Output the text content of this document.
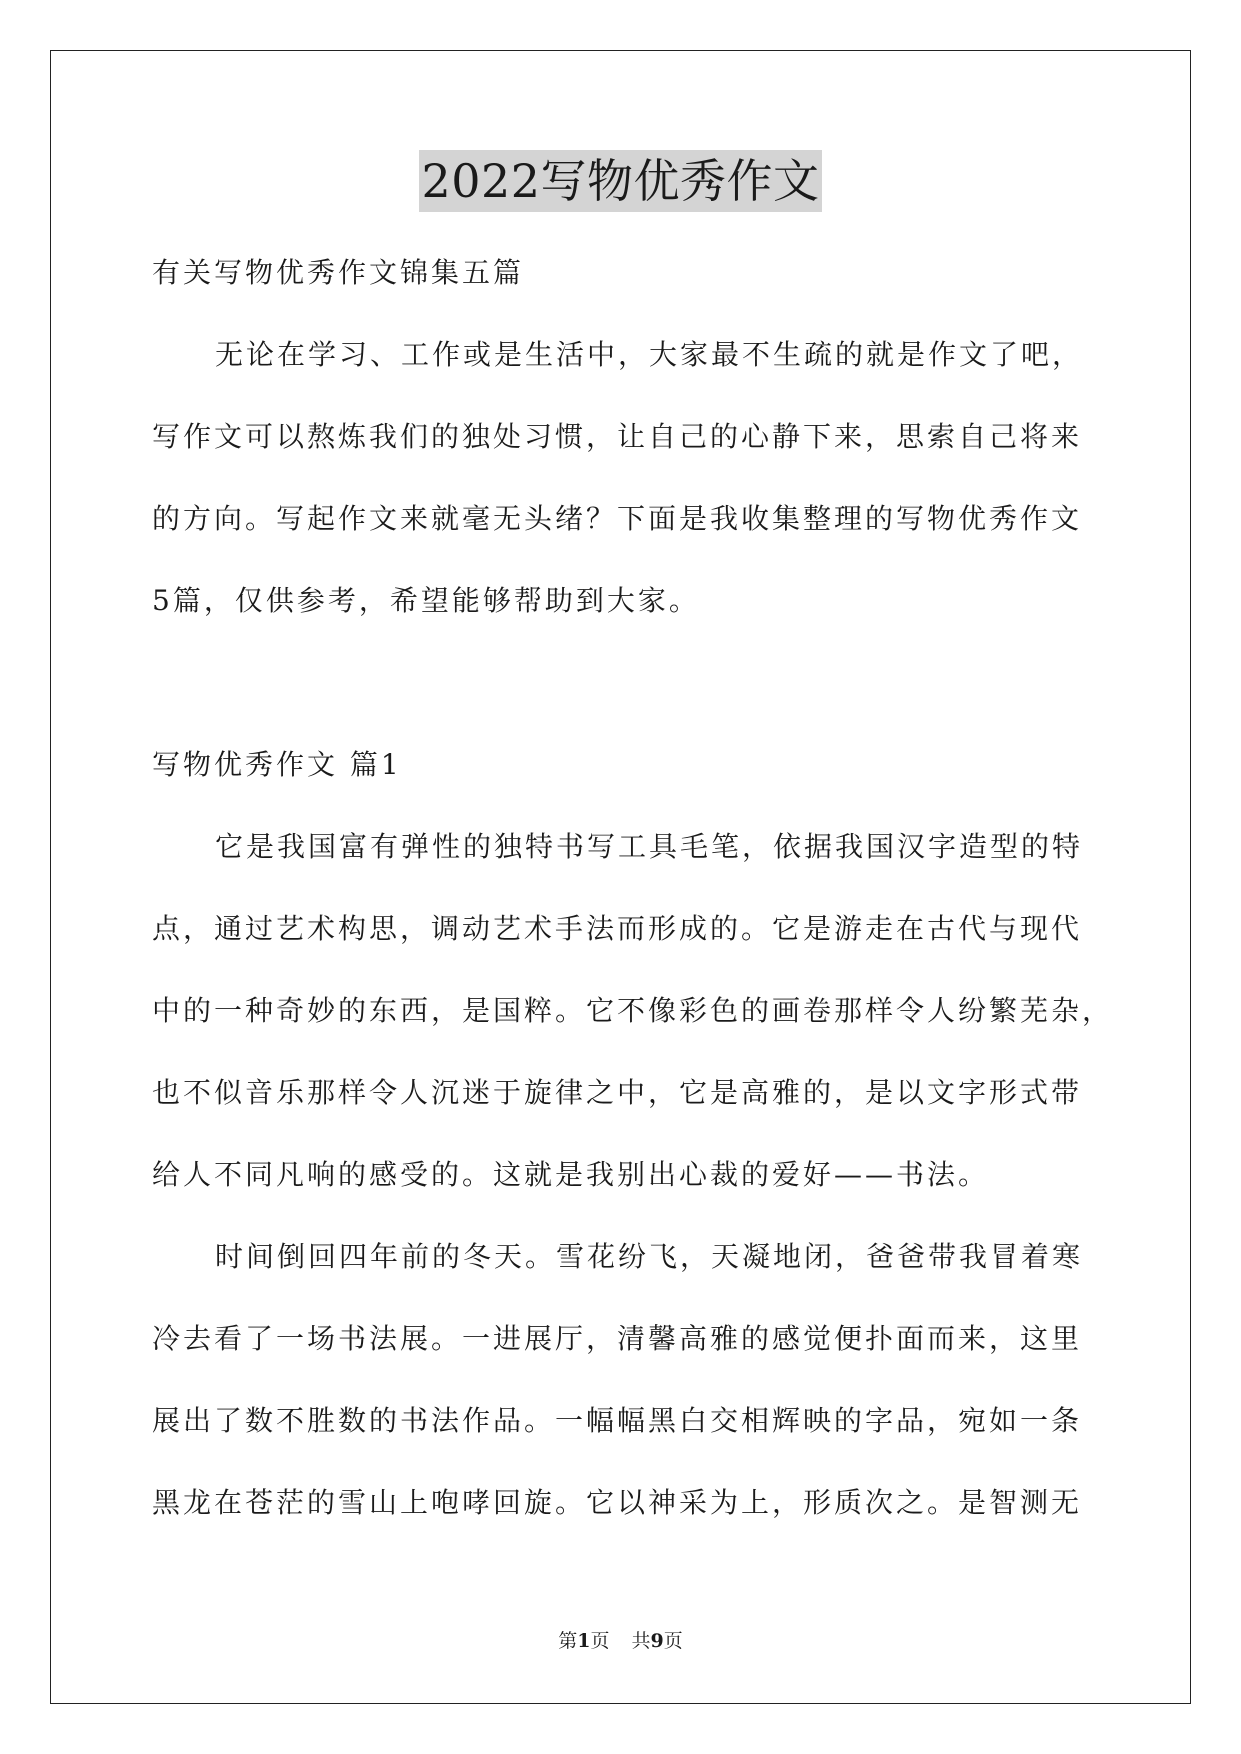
2022写物优秀作文
有关写物优秀作文锦集五篇
无论在学习、工作或是生活中，大家最不生疏的就是作文了吧，
写作文可以熬炼我们的独处习惯，让自己的心静下来，思索自己将来
的方向。写起作文来就毫无头绪？下面是我收集整理的写物优秀作文
5篇，仅供参考，希望能够帮助到大家。
写物优秀作文 篇1
它是我国富有弹性的独特书写工具毛笔，依据我国汉字造型的特
点，通过艺术构思，调动艺术手法而形成的。它是游走在古代与现代
中的一种奇妙的东西，是国粹。它不像彩色的画卷那样令人纷繁芜杂，
也不似音乐那样令人沉迷于旋律之中，它是高雅的，是以文字形式带
给人不同凡响的感受的。这就是我别出心裁的爱好——书法。
时间倒回四年前的冬天。雪花纷飞，天凝地闭，爸爸带我冒着寒
冷去看了一场书法展。一进展厅，清馨高雅的感觉便扑面而来，这里
展出了数不胜数的书法作品。一幅幅黑白交相辉映的字品，宛如一条
黑龙在苍茫的雪山上咆哮回旋。它以神采为上，形质次之。是智测无
第1页 共9页
